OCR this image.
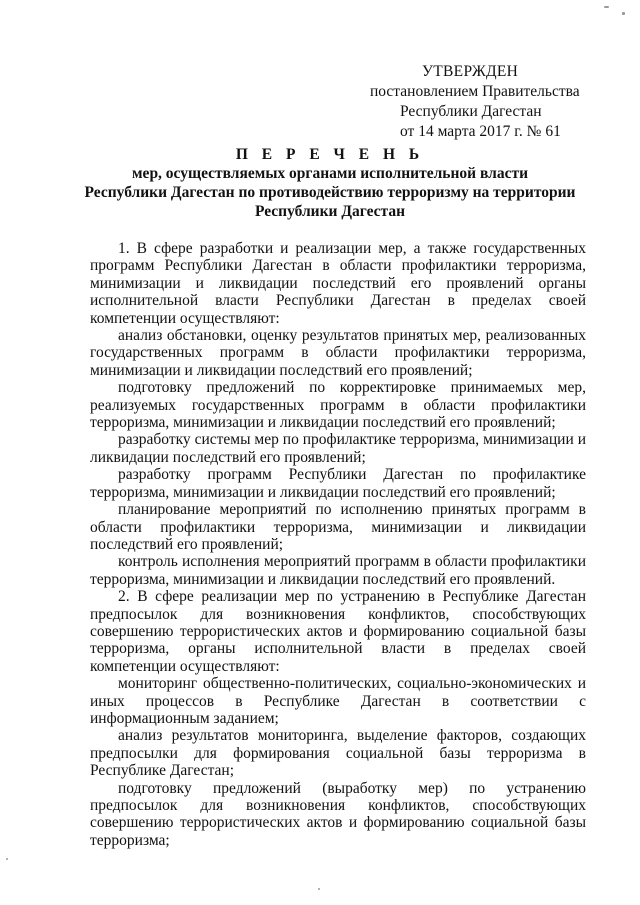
УТВЕРЖДЕН
постановлением Правительства
Республики Дагестан
от 14 марта 2017 г. № 61
П Е Р Е Ч Е Н Ь
мер, осуществляемых органами исполнительной власти
Республики Дагестан по противодействию терроризму на территории
Республики Дагестан

1. В сфере разработки и реализации мер, а также государственных программ Республики Дагестан в области профилактики терроризма, минимизации и ликвидации последствий его проявлений органы исполнительной власти Республики Дагестан в пределах своей компетенции осуществляют:

анализ обстановки, оценку результатов принятых мер, реализованных государственных программ в области профилактики терроризма, минимизации и ликвидации последствий его проявлений;

подготовку предложений по корректировке принимаемых мер, реализуемых государственных программ в области профилактики терроризма, минимизации и ликвидации последствий его проявлений;

разработку системы мер по профилактике терроризма, минимизации и ликвидации последствий его проявлений;

разработку программ Республики Дагестан по профилактике терроризма, минимизации и ликвидации последствий его проявлений;

планирование мероприятий по исполнению принятых программ в области профилактики терроризма, минимизации и ликвидации последствий его проявлений;

контроль исполнения мероприятий программ в области профилактики терроризма, минимизации и ликвидации последствий его проявлений.

2. В сфере реализации мер по устранению в Республике Дагестан предпосылок для возникновения конфликтов, способствующих совершению террористических актов и формированию социальной базы терроризма, органы исполнительной власти в пределах своей компетенции осуществляют:

мониторинг общественно-политических, социально-экономических и иных процессов в Республике Дагестан в соответствии с информационным заданием;

анализ результатов мониторинга, выделение факторов, создающих предпосылки для формирования социальной базы терроризма в Республике Дагестан;

подготовку предложений (выработку мер) по устранению предпосылок для возникновения конфликтов, способствующих совершению террористических актов и формированию социальной базы терроризма;
